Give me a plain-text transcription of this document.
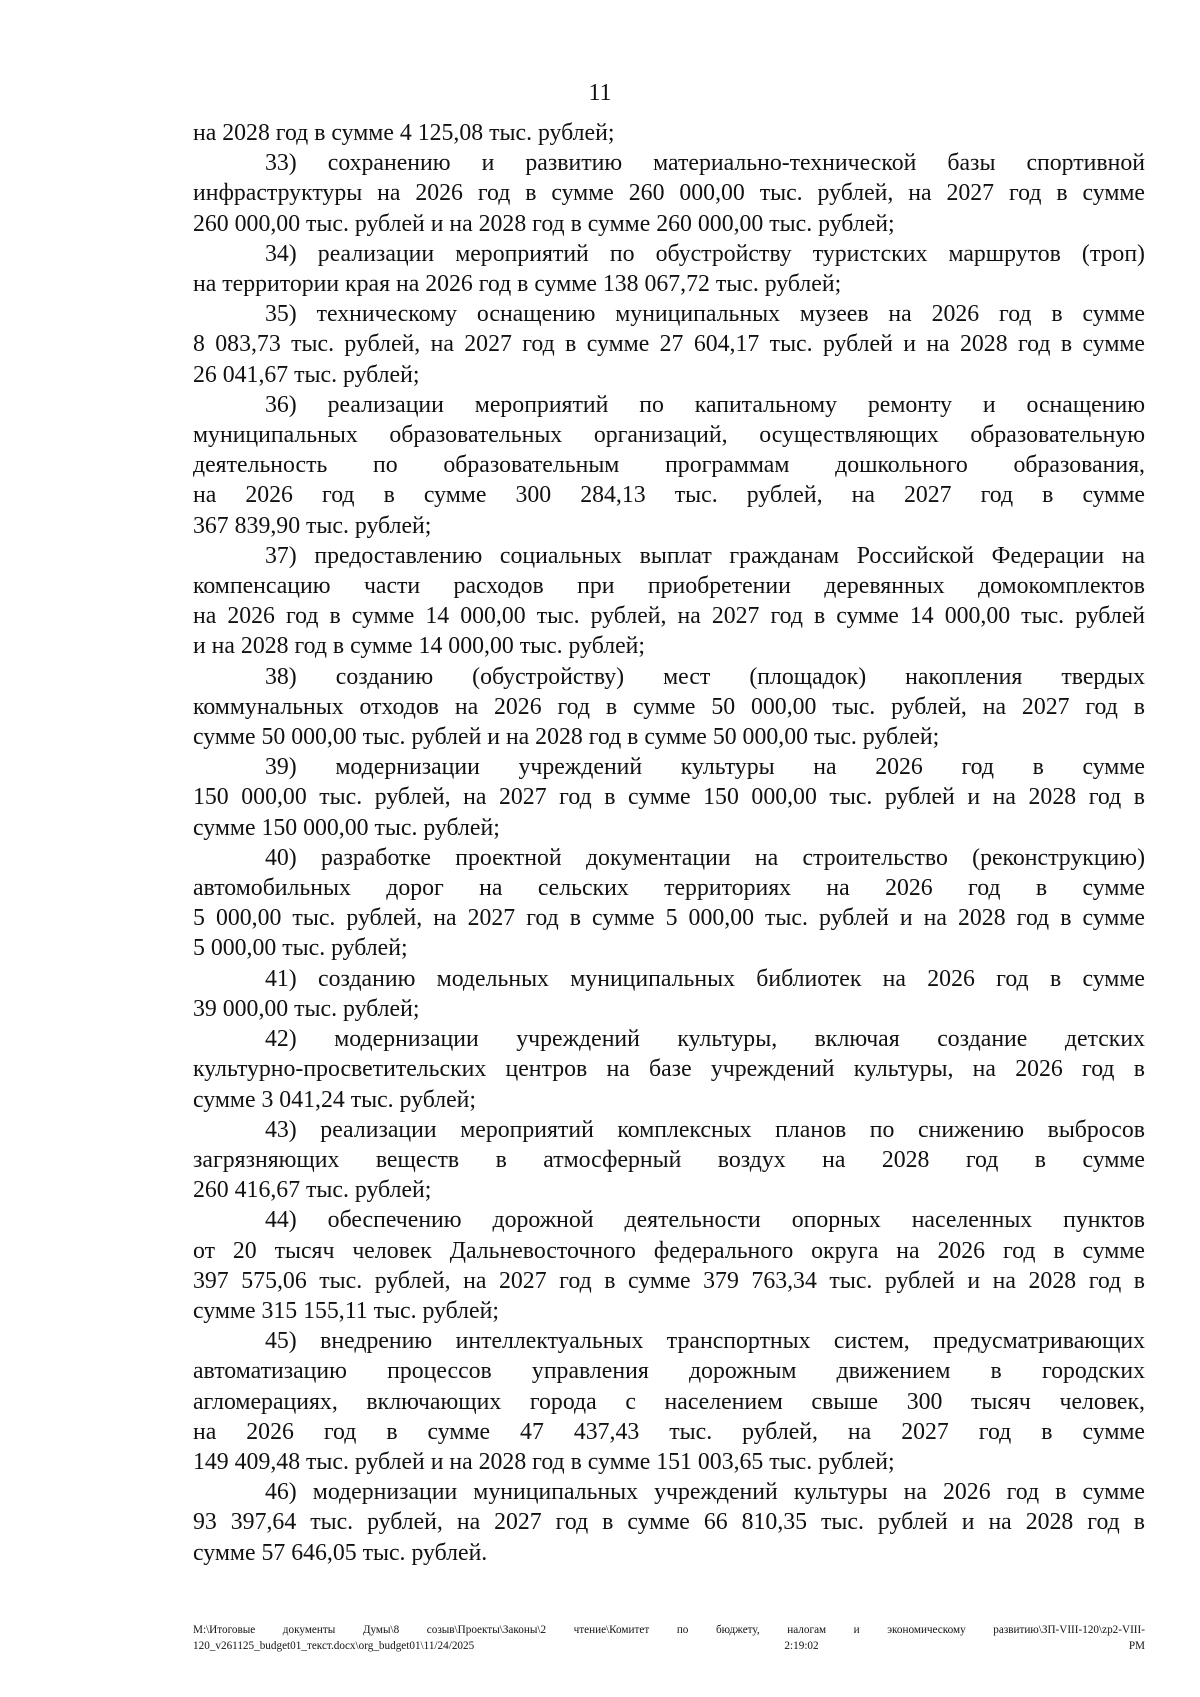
11
на 2028 год в сумме 4 125,08 тыс. рублей;
33) сохранению и развитию материально-технической базы спортивной
инфраструктуры на 2026 год в сумме 260 000,00 тыс. рублей, на 2027 год в сумме
260 000,00 тыс. рублей и на 2028 год в сумме 260 000,00 тыс. рублей;
34) реализации мероприятий по обустройству туристских маршрутов (троп)
на территории края на 2026 год в сумме 138 067,72 тыс. рублей;
35) техническому оснащению муниципальных музеев на 2026 год в сумме
8 083,73 тыс. рублей, на 2027 год в сумме 27 604,17 тыс. рублей и на 2028 год в сумме
26 041,67 тыс. рублей;
36) реализации мероприятий по капитальному ремонту и оснащению
муниципальных образовательных организаций, осуществляющих образовательную
деятельность по образовательным программам дошкольного образования,
на 2026 год в сумме 300 284,13 тыс. рублей, на 2027 год в сумме
367 839,90 тыс. рублей;
37) предоставлению социальных выплат гражданам Российской Федерации на
компенсацию части расходов при приобретении деревянных домокомплектов
на 2026 год в сумме 14 000,00 тыс. рублей, на 2027 год в сумме 14 000,00 тыс. рублей
и на 2028 год в сумме 14 000,00 тыс. рублей;
38) созданию (обустройству) мест (площадок) накопления твердых
коммунальных отходов на 2026 год в сумме 50 000,00 тыс. рублей, на 2027 год в
сумме 50 000,00 тыс. рублей и на 2028 год в сумме 50 000,00 тыс. рублей;
39) модернизации учреждений культуры на 2026 год в сумме
150 000,00 тыс. рублей, на 2027 год в сумме 150 000,00 тыс. рублей и на 2028 год в
сумме 150 000,00 тыс. рублей;
40) разработке проектной документации на строительство (реконструкцию)
автомобильных дорог на сельских территориях на 2026 год в сумме
5 000,00 тыс. рублей, на 2027 год в сумме 5 000,00 тыс. рублей и на 2028 год в сумме
5 000,00 тыс. рублей;
41) созданию модельных муниципальных библиотек на 2026 год в сумме
39 000,00 тыс. рублей;
42) модернизации учреждений культуры, включая создание детских
культурно-просветительских центров на базе учреждений культуры, на 2026 год в
сумме 3 041,24 тыс. рублей;
43) реализации мероприятий комплексных планов по снижению выбросов
загрязняющих веществ в атмосферный воздух на 2028 год в сумме
260 416,67 тыс. рублей;
44) обеспечению дорожной деятельности опорных населенных пунктов
от 20 тысяч человек Дальневосточного федерального округа на 2026 год в сумме
397 575,06 тыс. рублей, на 2027 год в сумме 379 763,34 тыс. рублей и на 2028 год в
сумме 315 155,11 тыс. рублей;
45) внедрению интеллектуальных транспортных систем, предусматривающих
автоматизацию процессов управления дорожным движением в городских
агломерациях, включающих города с населением свыше 300 тысяч человек,
на 2026 год в сумме 47 437,43 тыс. рублей, на 2027 год в сумме
149 409,48 тыс. рублей и на 2028 год в сумме 151 003,65 тыс. рублей;
46) модернизации муниципальных учреждений культуры на 2026 год в сумме
93 397,64 тыс. рублей, на 2027 год в сумме 66 810,35 тыс. рублей и на 2028 год в
сумме 57 646,05 тыс. рублей.
M:\Итоговые документы Думы\8 созыв\Проекты\Законы\2 чтение\Комитет по бюджету, налогам и экономическому развитию\ЗП-VIII-120\zp2-VIII-
120_v261125_budget01_текст.docx\org_budget01\11/24/2025 2:19:02 PM
